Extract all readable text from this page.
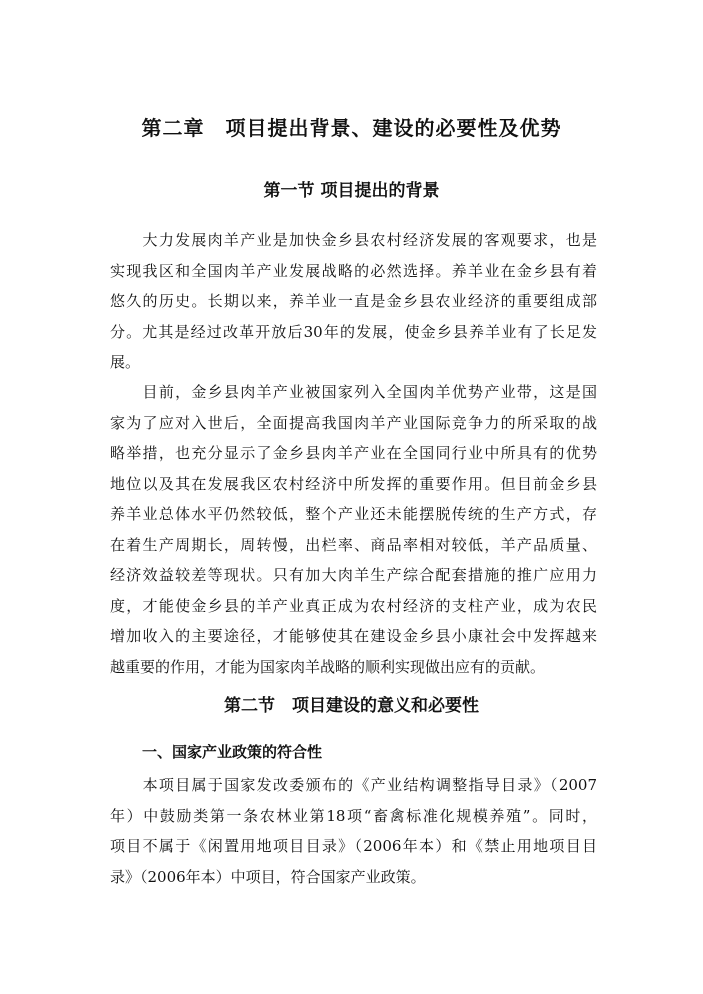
第二章　项目提出背景、建设的必要性及优势
第一节 项目提出的背景
　　大力发展肉羊产业是加快金乡县农村经济发展的客观要求，也是
实现我区和全国肉羊产业发展战略的必然选择。养羊业在金乡县有着
悠久的历史。长期以来，养羊业一直是金乡县农业经济的重要组成部
分。尤其是经过改革开放后30年的发展，使金乡县养羊业有了长足发
展。
　　目前，金乡县肉羊产业被国家列入全国肉羊优势产业带，这是国
家为了应对入世后，全面提高我国肉羊产业国际竞争力的所采取的战
略举措，也充分显示了金乡县肉羊产业在全国同行业中所具有的优势
地位以及其在发展我区农村经济中所发挥的重要作用。但目前金乡县
养羊业总体水平仍然较低，整个产业还未能摆脱传统的生产方式，存
在着生产周期长，周转慢，出栏率、商品率相对较低，羊产品质量、
经济效益较差等现状。只有加大肉羊生产综合配套措施的推广应用力
度，才能使金乡县的羊产业真正成为农村经济的支柱产业，成为农民
增加收入的主要途径，才能够使其在建设金乡县小康社会中发挥越来
越重要的作用，才能为国家肉羊战略的顺利实现做出应有的贡献。
第二节　项目建设的意义和必要性
一、国家产业政策的符合性
　　本项目属于国家发改委颁布的《产业结构调整指导目录》（2007
年）中鼓励类第一条农林业第18项“畜禽标准化规模养殖”。同时，
项目不属于《闲置用地项目目录》（2006年本）和《禁止用地项目目
录》（2006年本）中项目，符合国家产业政策。
